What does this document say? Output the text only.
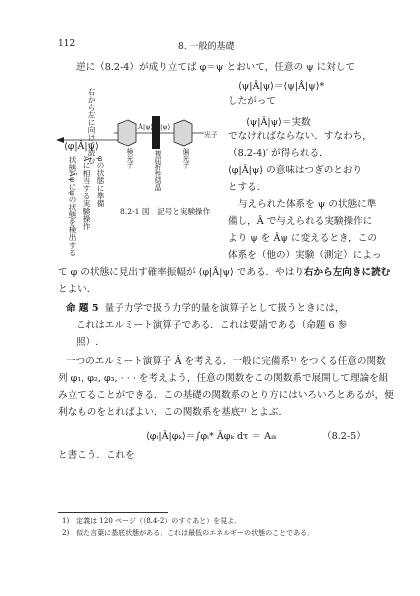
112	8. 一般的基礎
逆に（8.2-4）が成り立てば φ＝ψ とおいて，任意の ψ に対して
⟨ψ|Â|ψ⟩＝⟨ψ|Â|ψ⟩*
したがって
⟨ψ|Â|ψ⟩＝実数
でなければならない．すなわち，
（8.2-4)′ が得られる．
⟨φ|Â|ψ⟩ の意味はつぎのとおり
とする．
与えられた体系を ψ の状態に準
備し，Â で与えられる実験操作に
より ψ を Âψ に変えるとき，この
体系を（他の）実験（測定）によっ
て φ の状態に見出す確率振幅が ⟨φ|Â|ψ⟩ である．やはり右から左向きに読む
とよい．
右から左に向けて読む
⟨φ|Â|ψ⟩
φの状態に準備
Âに相当する実験操作
状態Âψにφの状態を検出する
Â|ψ⟩ |ψ⟩
光子
検光子	複屈折性結晶	偏光子
8.2-1 図　記号と実験操作
命 題 5 量子力学で扱う力学的量を演算子として扱うときには，
これはエルミート演算子である．これは要請である（命題 6 参
照）.
一つのエルミート演算子 Â を考える．一般に完備系¹⁾ をつくる任意の関数
列 φ₁, φ₂, φ₃, · · · を考えよう，任意の関数をこの関数系で展開して理論を組
み立てることができる．この基礎の関数系のとり方にはいろいろとあるが，便
利なものをとればよい．この関数系を基底²⁾ とよぶ．
⟨φᵢ|Â|φₖ⟩＝∫φᵢ* Âφₖ dτ ＝ Aᵢₖ	（8.2-5）
と書こう．これを
1)　定義は 120 ページ（（8.4-2）のすぐあと）を見よ．
2)　似た言葉に基底状態がある．これは最低のエネルギーの状態のことである．
